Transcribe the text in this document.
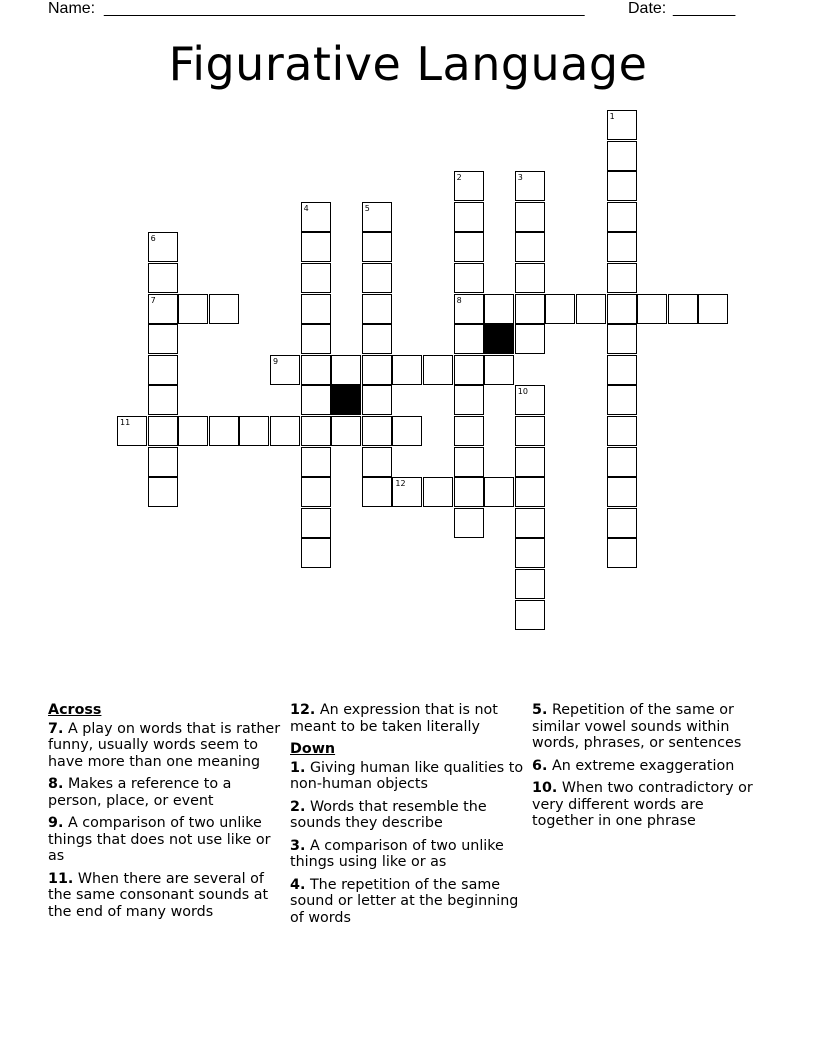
Name: ______________________________________________________	Date: _______
Figurative Language
1
2
8
3
4	5
6
7
9
10
11
12
Across
7. A play on words that is rather funny, usually words seem to have more than one meaning
8. Makes a reference to a person, place, or event
9. A comparison of two unlike things that does not use like or as
11. When there are several of the same consonant sounds at the end of many words
12. An expression that is not meant to be taken literally
Down
1. Giving human like qualities to non-human objects
2. Words that resemble the sounds they describe
3. A comparison of two unlike things using like or as
4. The repetition of the same sound or letter at the beginning of words
5. Repetition of the same or similar vowel sounds within words, phrases, or sentences
6. An extreme exaggeration
10. When two contradictory or very different words are together in one phrase
